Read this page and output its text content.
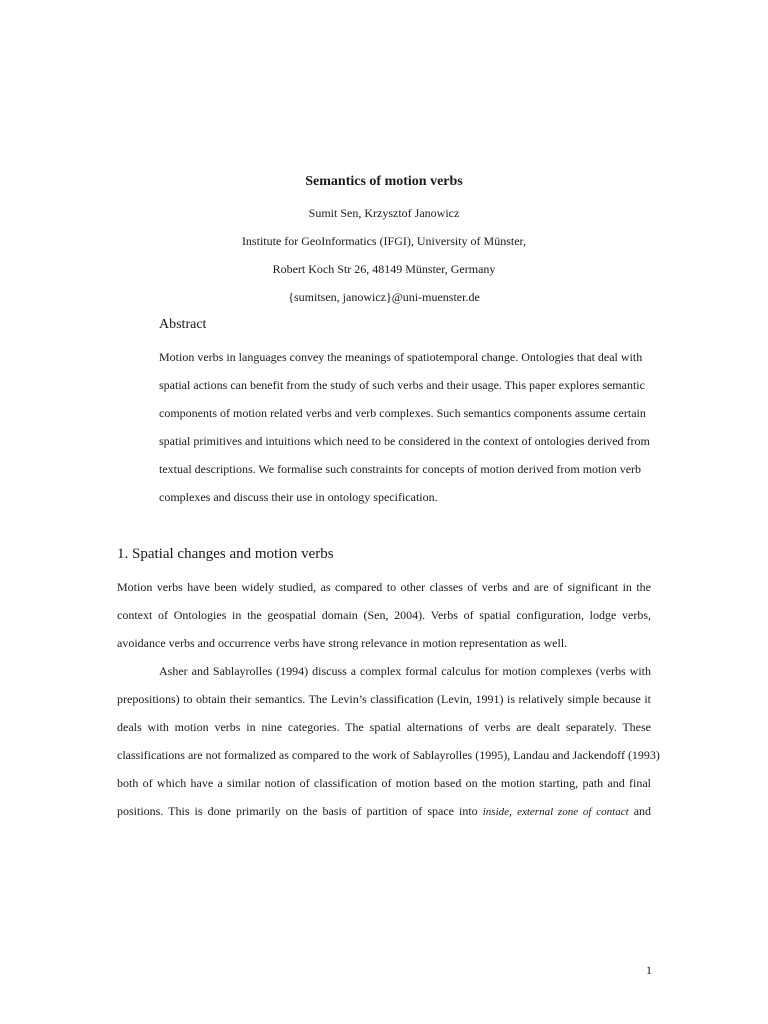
Semantics of motion verbs
Sumit Sen, Krzysztof Janowicz
Institute for GeoInformatics (IFGI), University of Münster,
Robert Koch Str 26, 48149 Münster, Germany
{sumitsen, janowicz}@uni-muenster.de
Abstract
Motion verbs in languages convey the meanings of spatiotemporal change. Ontologies that deal with
spatial actions can benefit from the study of such verbs and their usage. This paper explores semantic
components of motion related verbs and verb complexes. Such semantics components assume certain
spatial primitives and intuitions which need to be considered in the context of ontologies derived from
textual descriptions. We formalise such constraints for concepts of motion derived from motion verb
complexes and discuss their use in ontology specification.
1. Spatial changes and motion verbs
Motion verbs have been widely studied, as compared to other classes of verbs and are of significant in the
context of Ontologies in the geospatial domain (Sen, 2004). Verbs of spatial configuration, lodge verbs,
avoidance verbs and occurrence verbs have strong relevance in motion representation as well.
Asher and Sablayrolles (1994) discuss a complex formal calculus for motion complexes (verbs with
prepositions) to obtain their semantics. The Levin’s classification (Levin, 1991) is relatively simple because it
deals with motion verbs in nine categories. The spatial alternations of verbs are dealt separately. These
classifications are not formalized as compared to the work of Sablayrolles (1995), Landau and Jackendoff (1993)
both of which have a similar notion of classification of motion based on the motion starting, path and final
positions. This is done primarily on the basis of partition of space into inside, external zone of contact and
1
